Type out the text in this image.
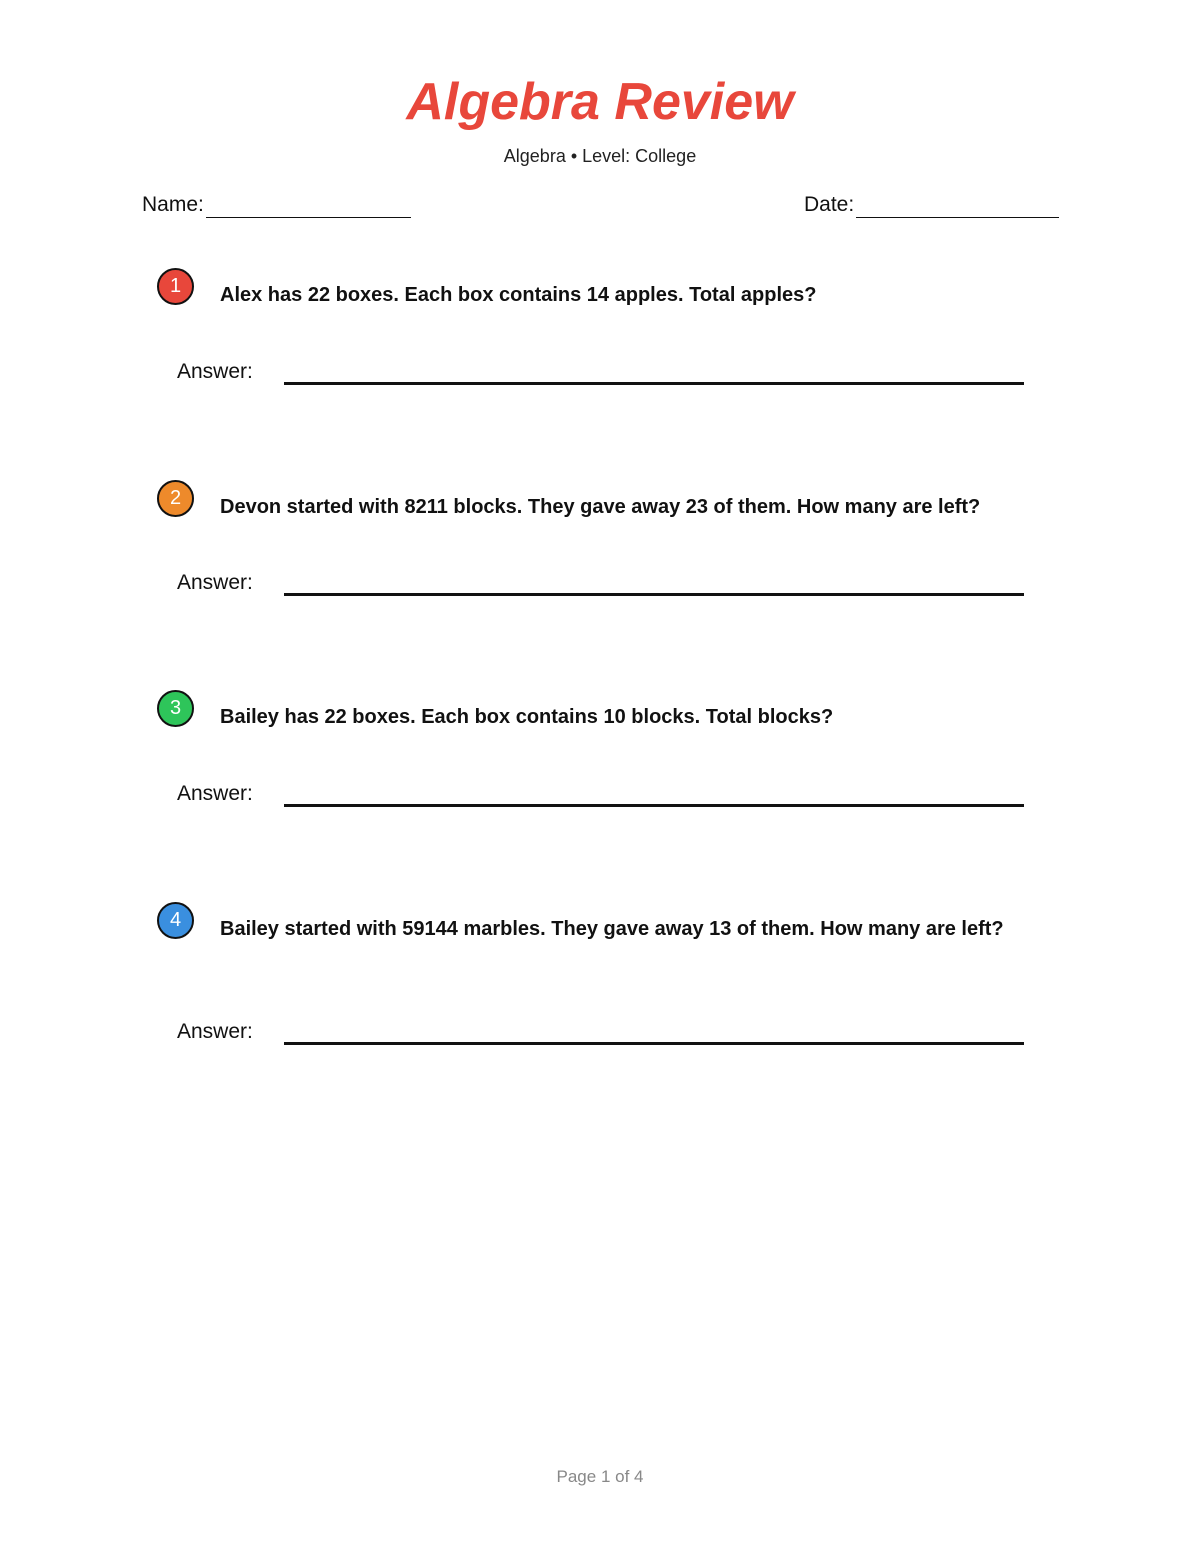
Algebra Review
Algebra • Level: College
Name:	Date:
1	Alex has 22 boxes. Each box contains 14 apples. Total apples?
Answer:
2	Devon started with 8211 blocks. They gave away 23 of them. How many are left?
Answer:
3	Bailey has 22 boxes. Each box contains 10 blocks. Total blocks?
Answer:
4	Bailey started with 59144 marbles. They gave away 13 of them. How many are left?
Answer:
Page 1 of 4
